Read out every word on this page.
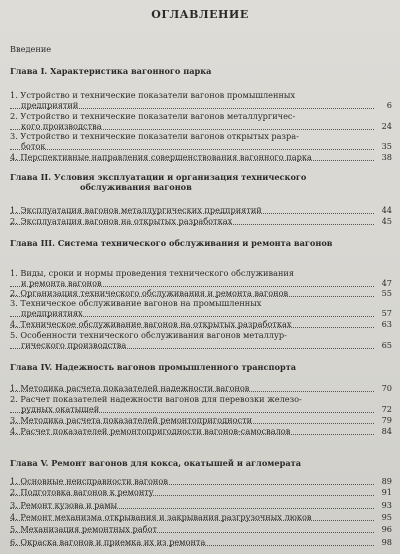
ОГЛАВЛЕНИЕ
Введение
Глава I. Характеристика вагонного парка
1. Устройство и технические показатели вагонов промышленных
предприятий	6
2. Устройство и технические показатели вагонов металлургичес-
кого производства	24
3. Устройство и технические показатели вагонов открытых разра-
боток	35
4. Перспективные направления совершенствования вагонного парка	38
Глава II. Условия эксплуатации и организация технического
обслуживания вагонов
1. Эксплуатация вагонов металлургических предприятий	44
2. Эксплуатация вагонов на открытых разработках	45
Глава III. Система технического обслуживания и ремонта вагонов
1. Виды, сроки и нормы проведения технического обслуживания
и ремонта вагонов	47
2. Организация технического обслуживания и ремонта вагонов	55
3. Техническое обслуживание вагонов на промышленных
предприятиях	57
4. Техническое обслуживание вагонов на открытых разработках	63
5. Особенности технического обслуживания вагонов металлур-
гического производства	65
Глава IV. Надежность вагонов промышленного транспорта
1. Методика расчета показателей надежности вагонов	70
2. Расчет показателей надежности вагонов для перевозки железо-
рудных окатышей	72
3. Методика расчета показателей ремонтопригодности	79
4. Расчет показателей ремонтопригодности вагонов-самосвалов	84
Глава V. Ремонт вагонов для кокса, окатышей и агломерата
1. Основные неисправности вагонов	89
2. Подготовка вагонов к ремонту	91
3. Ремонт кузова и рамы	93
4. Ремонт механизма открывания и закрывания разгрузочных люков	95
5. Механизация ремонтных работ	96
6. Окраска вагонов и приемка их из ремонта	98
